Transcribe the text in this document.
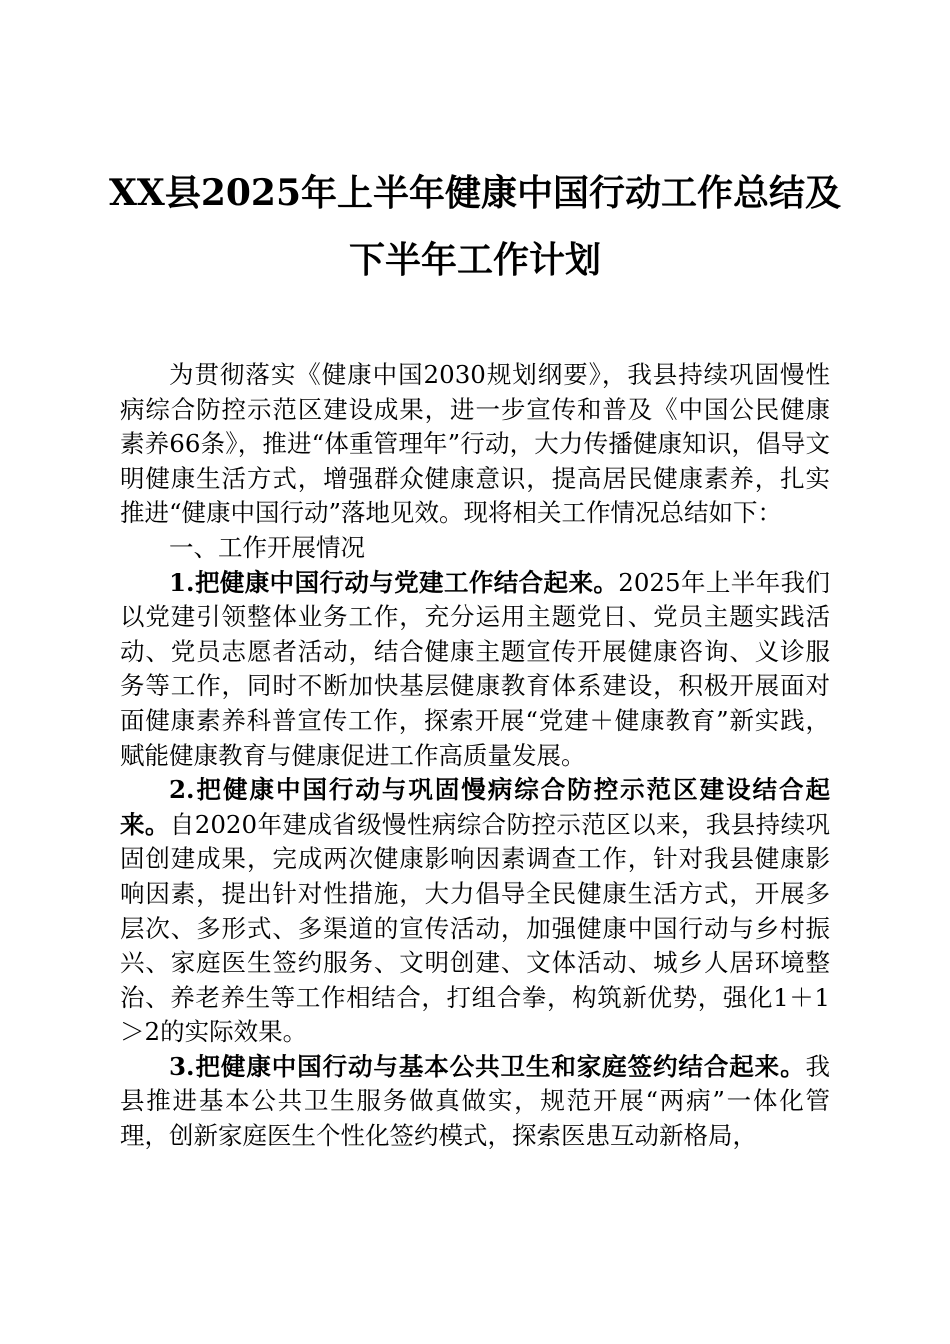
XX县2025年上半年健康中国行动工作总结及
下半年工作计划

为贯彻落实《健康中国2030规划纲要》，我县持续巩固慢性病综合防控示范区建设成果，进一步宣传和普及《中国公民健康素养66条》，推进“体重管理年”行动，大力传播健康知识，倡导文明健康生活方式，增强群众健康意识，提高居民健康素养，扎实推进“健康中国行动”落地见效。现将相关工作情况总结如下：

一、工作开展情况

1.把健康中国行动与党建工作结合起来。2025年上半年我们以党建引领整体业务工作，充分运用主题党日、党员主题实践活动、党员志愿者活动，结合健康主题宣传开展健康咨询、义诊服务等工作，同时不断加快基层健康教育体系建设，积极开展面对面健康素养科普宣传工作，探索开展“党建＋健康教育”新实践，赋能健康教育与健康促进工作高质量发展。

2.把健康中国行动与巩固慢病综合防控示范区建设结合起来。自2020年建成省级慢性病综合防控示范区以来，我县持续巩固创建成果，完成两次健康影响因素调查工作，针对我县健康影响因素，提出针对性措施，大力倡导全民健康生活方式，开展多层次、多形式、多渠道的宣传活动，加强健康中国行动与乡村振兴、家庭医生签约服务、文明创建、文体活动、城乡人居环境整治、养老养生等工作相结合，打组合拳，构筑新优势，强化1＋1＞2的实际效果。

3.把健康中国行动与基本公共卫生和家庭签约结合起来。我县推进基本公共卫生服务做真做实，规范开展“两病”一体化管理，创新家庭医生个性化签约模式，探索医患互动新格局，
